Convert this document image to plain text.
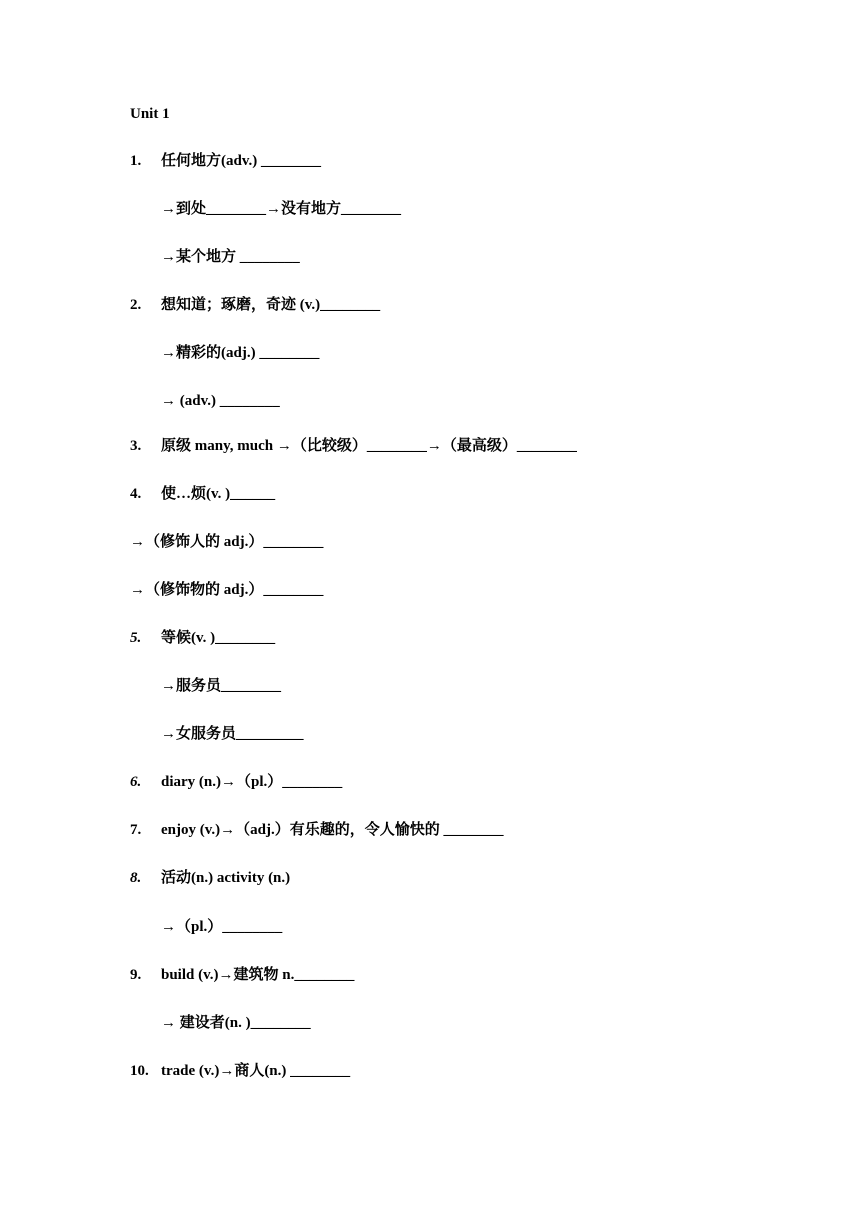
Unit 1
1. 任何地方(adv.) ________
→到处________→没有地方________
→某个地方 ________
2. 想知道；琢磨，奇迹 (v.)________
→精彩的(adj.) ________
→ (adv.) ________
3. 原级 many, much →（比较级）________→（最高级）________
4. 使…烦(v. )______
→（修饰人的 adj.）________
→（修饰物的 adj.）________
5. 等候(v. )________
→服务员________
→女服务员_________
6. diary (n.)→（pl.）________
7. enjoy (v.)→（adj.）有乐趣的，令人愉快的 ________
8. 活动(n.) activity (n.)
→（pl.）________
9. build (v.)→建筑物 n.________
→ 建设者(n. )________
10. trade (v.)→商人(n.) ________
